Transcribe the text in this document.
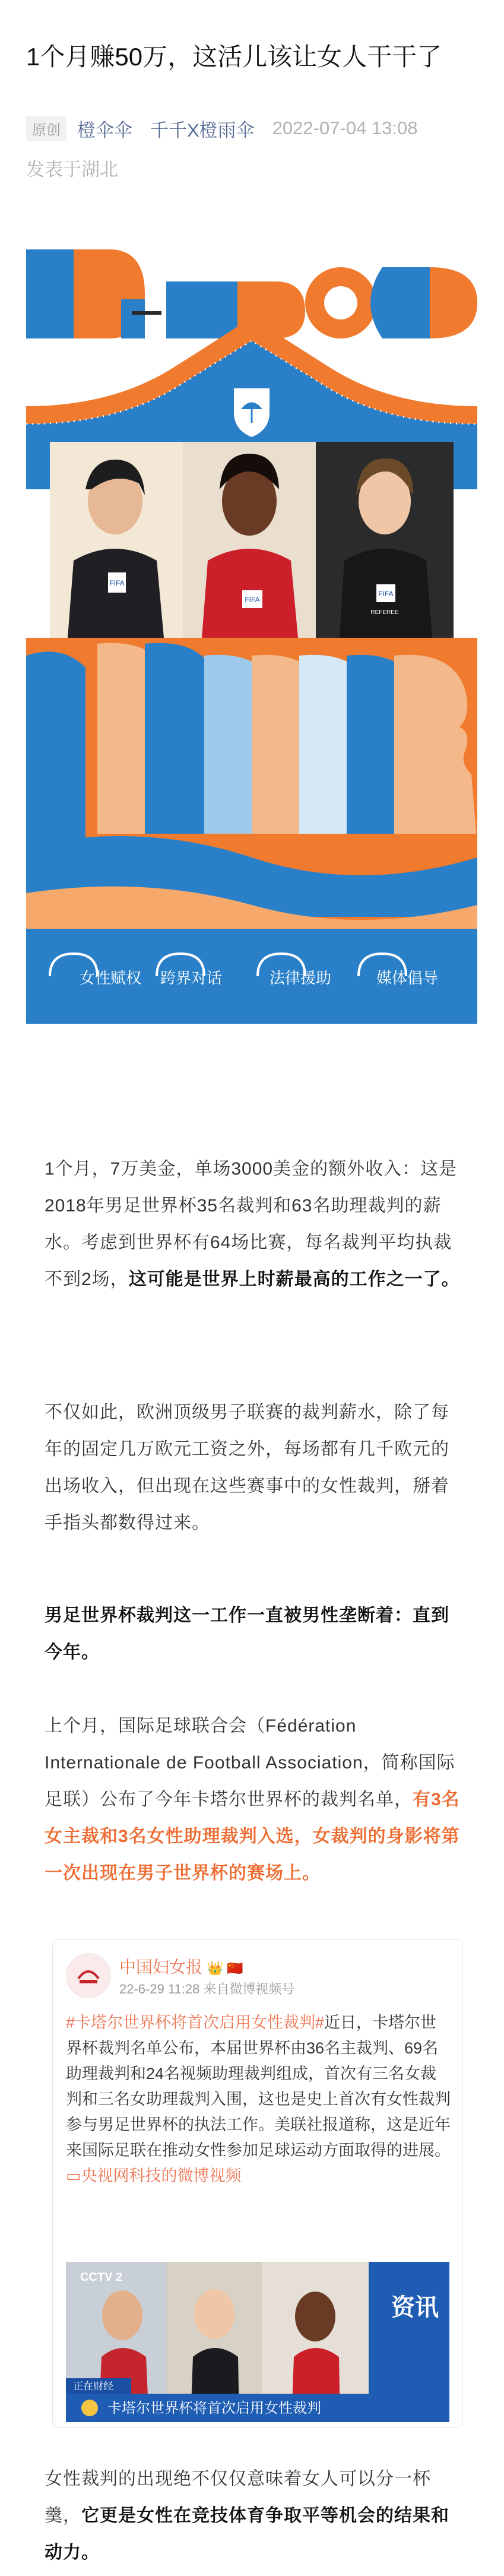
1个月赚50万，这活儿该让女人干干了
原创 橙伞伞 千千X橙雨伞 2022-07-04 13:08
发表于湖北
FIFA
FIFA
FIFA
REFEREE
女性赋权 跨界对话	法律援助	媒体倡导
1个月，7万美金，单场3000美金的额外收入：这是2018年男足世界杯35名裁判和63名助理裁判的薪水。考虑到世界杯有64场比赛，每名裁判平均执裁不到2场，这可能是世界上时薪最高的工作之一了。
不仅如此，欧洲顶级男子联赛的裁判薪水，除了每年的固定几万欧元工资之外，每场都有几千欧元的出场收入，但出现在这些赛事中的女性裁判，掰着手指头都数得过来。
男足世界杯裁判这一工作一直被男性垄断着：直到今年。
上个月，国际足球联合会（Fédération Internationale de Football Association，简称国际足联）公布了今年卡塔尔世界杯的裁判名单，有3名女主裁和3名女性助理裁判入选，女裁判的身影将第一次出现在男子世界杯的赛场上。
中国妇女报 👑 🇨🇳
22-6-29 11:28 来自微博视频号
#卡塔尔世界杯将首次启用女性裁判#近日，卡塔尔世界杯裁判名单公布，本届世界杯由36名主裁判、69名助理裁判和24名视频助理裁判组成，首次有三名女裁判和三名女助理裁判入围，这也是史上首次有女性裁判参与男足世界杯的执法工作。美联社报道称，这是近年来国际足联在推动女性参加足球运动方面取得的进展。▭央视网科技的微博视频
CCTV 2
资讯
正在财经
卡塔尔世界杯将首次启用女性裁判
女性裁判的出现绝不仅仅意味着女人可以分一杯羹，它更是女性在竞技体育争取平等机会的结果和动力。
